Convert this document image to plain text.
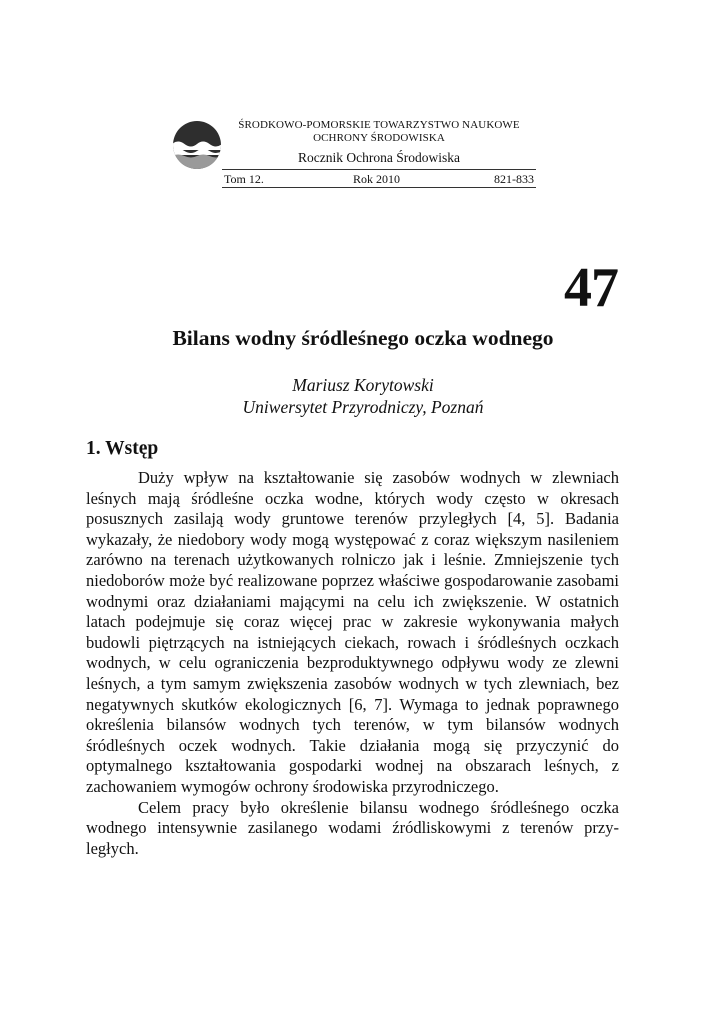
ŚRODKOWO-POMORSKIE TOWARZYSTWO NAUKOWE
OCHRONY ŚRODOWISKA
Rocznik Ochrona Środowiska
Tom 12.	Rok 2010	821-833
47
Bilans wodny śródleśnego oczka wodnego
Mariusz Korytowski
Uniwersytet Przyrodniczy, Poznań
1. Wstęp

Duży wpływ na kształtowanie się zasobów wodnych w zlewniach leśnych mają śródleśne oczka wodne, których wody często w okresach posusznych zasilają wody gruntowe terenów przyległych [4, 5]. Badania wykazały, że niedobory wody mogą występować z coraz większym nasileniem zarówno na terenach użytkowanych rolniczo jak i leśnie. Zmniejszenie tych niedoborów może być realizowane poprzez właściwe gospodarowanie zasobami wodnymi oraz działaniami mającymi na celu ich zwiększenie. W ostatnich latach podejmuje się coraz więcej prac w zakresie wykonywania małych budowli piętrzących na istniejących ciekach, rowach i śródleśnych oczkach wodnych, w celu ograniczenia bezproduktywnego odpływu wody ze zlewni leśnych, a tym samym zwiększenia zasobów wodnych w tych zlewniach, bez negatywnych skutków ekologicznych [6, 7]. Wymaga to jednak poprawnego określenia bilansów wodnych tych terenów, w tym bilansów wodnych śródleśnych oczek wodnych. Takie działania mogą się przyczynić do optymalnego kształtowania gospodarki wodnej na obszarach leśnych, z zachowaniem wymogów ochrony środowiska przyrodniczego.

Celem pracy było określenie bilansu wodnego śródleśnego oczka wodnego intensywnie zasilanego wodami źródliskowymi z terenów przyległych.
